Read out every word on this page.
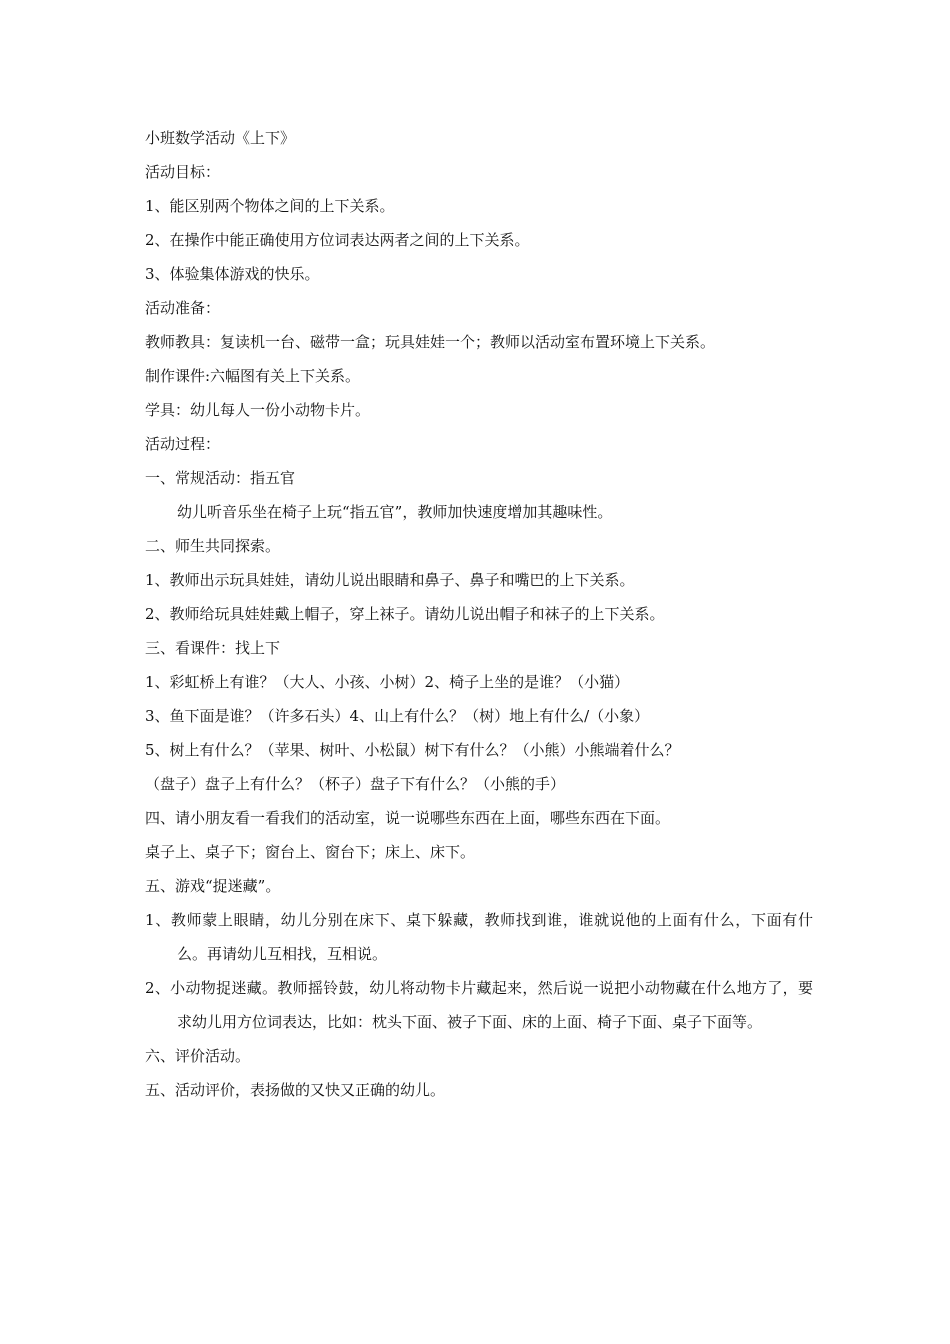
小班数学活动《上下》
活动目标：
1、能区别两个物体之间的上下关系。
2、在操作中能正确使用方位词表达两者之间的上下关系。
3、体验集体游戏的快乐。
活动准备：
教师教具：复读机一台、磁带一盒；玩具娃娃一个；教师以活动室布置环境上下关系。
制作课件:六幅图有关上下关系。
学具：幼儿每人一份小动物卡片。
活动过程：
一、常规活动：指五官
幼儿听音乐坐在椅子上玩“指五官”，教师加快速度增加其趣味性。
二、师生共同探索。
1、教师出示玩具娃娃，请幼儿说出眼睛和鼻子、鼻子和嘴巴的上下关系。
2、教师给玩具娃娃戴上帽子，穿上袜子。请幼儿说出帽子和袜子的上下关系。
三、看课件：找上下
1、彩虹桥上有谁？（大人、小孩、小树）2、椅子上坐的是谁？（小猫）
3、鱼下面是谁？（许多石头）4、山上有什么？（树）地上有什么/（小象）
5、树上有什么？（苹果、树叶、小松鼠）树下有什么？（小熊）小熊端着什么？
（盘子）盘子上有什么？（杯子）盘子下有什么？（小熊的手）
四、请小朋友看一看我们的活动室，说一说哪些东西在上面，哪些东西在下面。
桌子上、桌子下；窗台上、窗台下；床上、床下。
五、游戏“捉迷藏”。
1、教师蒙上眼睛，幼儿分别在床下、桌下躲藏，教师找到谁，谁就说他的上面有什么，下面有什么。再请幼儿互相找，互相说。
2、小动物捉迷藏。教师摇铃鼓，幼儿将动物卡片藏起来，然后说一说把小动物藏在什么地方了，要求幼儿用方位词表达，比如：枕头下面、被子下面、床的上面、椅子下面、桌子下面等。
六、评价活动。
五、活动评价，表扬做的又快又正确的幼儿。
